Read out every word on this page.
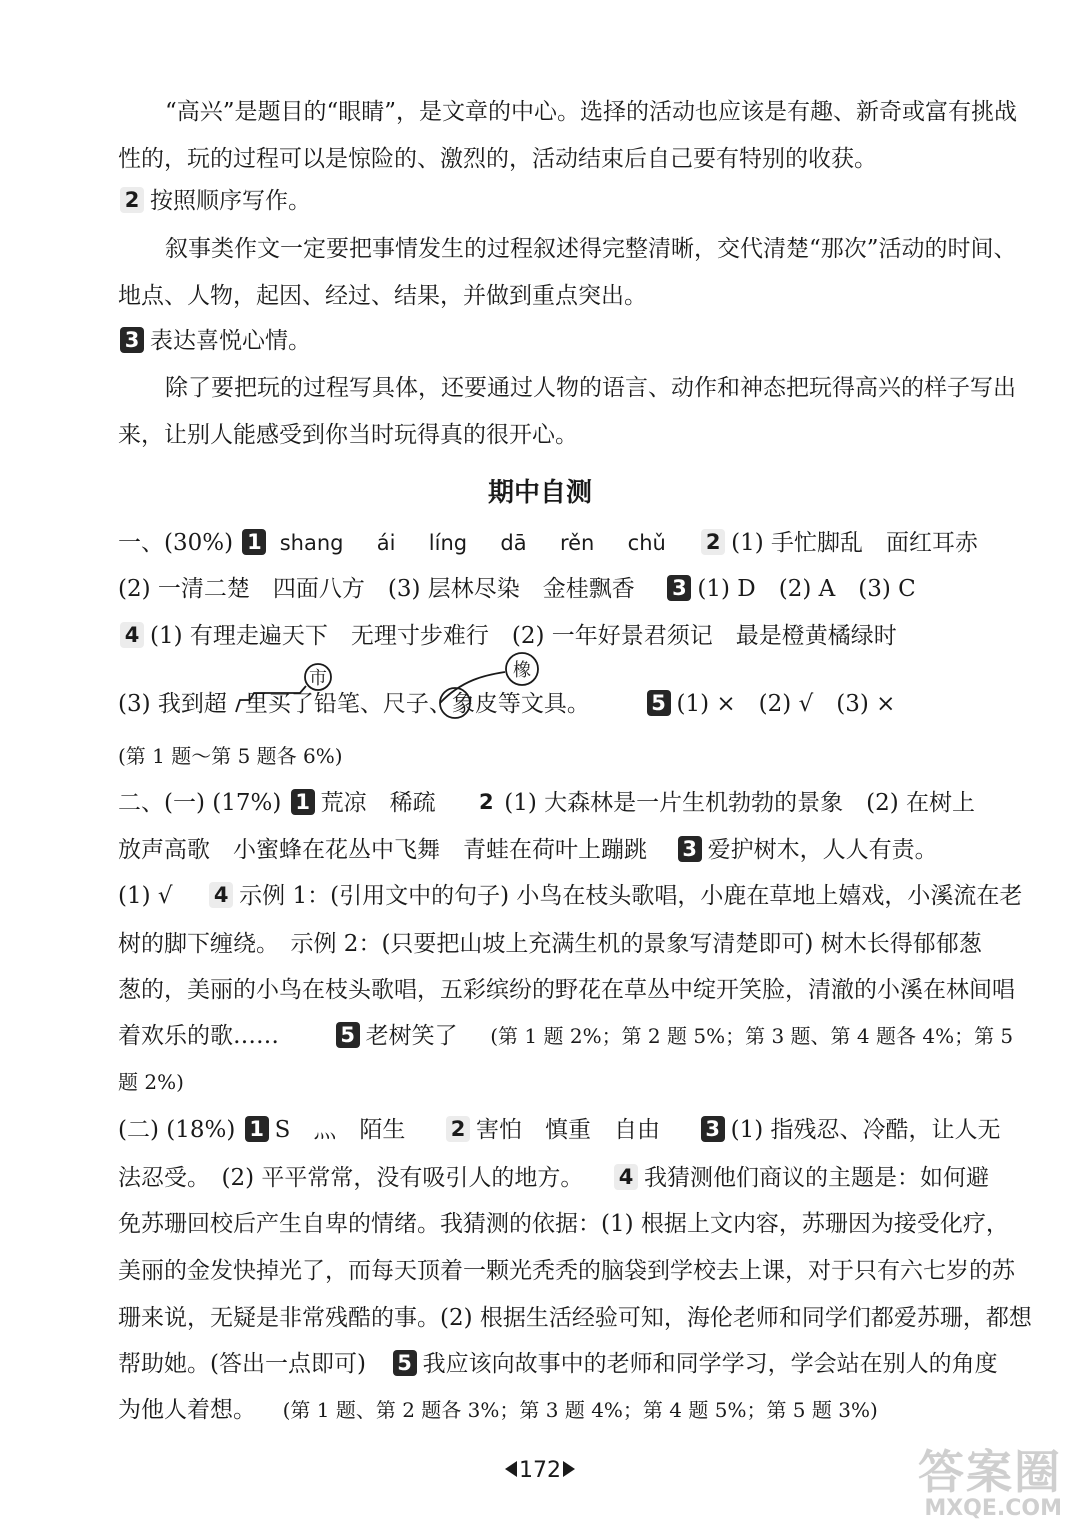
“高兴”是题目的“眼睛”，是文章的中心。选择的活动也应该是有趣、新奇或富有挑战
性的，玩的过程可以是惊险的、激烈的，活动结束后自己要有特别的收获。
2 按照顺序写作。
叙事类作文一定要把事情发生的过程叙述得完整清晰，交代清楚“那次”活动的时间、
地点、人物，起因、经过、结果，并做到重点突出。
3 表达喜悦心情。
除了要把玩的过程写具体，还要通过人物的语言、动作和神态把玩得高兴的样子写出
来，让别人能感受到你当时玩得真的很开心。
期中自测
一、(30%) 1 shang ái líng dā rěn chǔ 2 (1) 手忙脚乱　面红耳赤
(2) 一清二楚　四面八方　(3) 层林尽染　金桂飘香 3 (1) D　(2) A　(3) C
4 (1) 有理走遍天下　无理寸步难行　(2) 一年好景君须记　最是橙黄橘绿时
市	橡
(3) 我到超 里买了铅笔、尺子、象皮等文具。	5 (1) ×　(2) √　(3) ×
(第 1 题～第 5 题各 6%)
二、(一) (17%) 1 荒凉　稀疏 2 (1) 大森林是一片生机勃勃的景象　(2) 在树上
放声高歌　小蜜蜂在花丛中飞舞　青蛙在荷叶上蹦跳 3 爱护树木，人人有责。
(1) √ 4 示例 1：(引用文中的句子) 小鸟在枝头歌唱，小鹿在草地上嬉戏，小溪流在老
树的脚下缠绕。　示例 2：(只要把山坡上充满生机的景象写清楚即可) 树木长得郁郁葱
葱的，美丽的小鸟在枝头歌唱，五彩缤纷的野花在草丛中绽开笑脸，清澈的小溪在林间唱
着欢乐的歌……	5 老树笑了 (第 1 题 2%；第 2 题 5%；第 3 题、第 4 题各 4%；第 5
题 2%)
(二) (18%) 1 S　灬　陌生 2 害怕　慎重　自由 3 (1) 指残忍、冷酷，让人无
法忍受。　(2) 平平常常，没有吸引人的地方。 4 我猜测他们商议的主题是：如何避
免苏珊回校后产生自卑的情绪。我猜测的依据：(1) 根据上文内容，苏珊因为接受化疗，
美丽的金发快掉光了，而每天顶着一颗光秃秃的脑袋到学校去上课，对于只有六七岁的苏
珊来说，无疑是非常残酷的事。(2) 根据生活经验可知，海伦老师和同学们都爱苏珊，都想
帮助她。(答出一点即可) 5 我应该向故事中的老师和同学学习，学会站在别人的角度
为他人着想。 (第 1 题、第 2 题各 3%；第 3 题 4%；第 4 题 5%；第 5 题 3%)
172	答案圈
MXQE.COM
